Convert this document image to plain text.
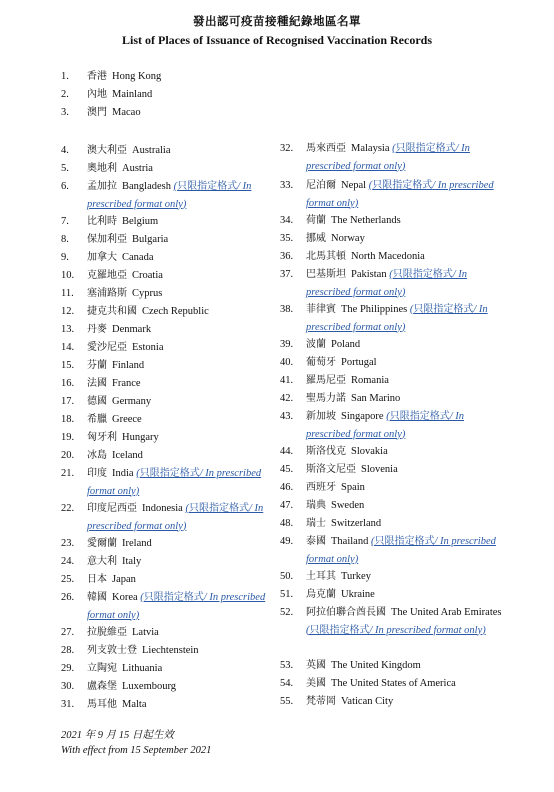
發出認可疫苗接種紀錄地區名單
List of Places of Issuance of Recognised Vaccination Records
1.	香港 Hong Kong
2.	內地 Mainland
3.	澳門 Macao
4.	澳大利亞 Australia
5.	奧地利 Austria
6.	孟加拉 Bangladesh (只限指定格式/ In prescribed format only)
7.	比利時 Belgium
8.	保加利亞 Bulgaria
9.	加拿大 Canada
10.	克羅地亞 Croatia
11.	塞浦路斯 Cyprus
12.	捷克共和國 Czech Republic
13.	丹麥 Denmark
14.	愛沙尼亞 Estonia
15.	芬蘭 Finland
16.	法國 France
17.	德國 Germany
18.	希臘 Greece
19.	匈牙利 Hungary
20.	冰島 Iceland
21.	印度 India (只限指定格式/ In prescribed format only)
22.	印度尼西亞 Indonesia (只限指定格式/ In prescribed format only)
23.	愛爾蘭 Ireland
24.	意大利 Italy
25.	日本 Japan
26.	韓國 Korea (只限指定格式/ In prescribed format only)
27.	拉脫維亞 Latvia
28.	列支敦士登 Liechtenstein
29.	立陶宛 Lithuania
30.	盧森堡 Luxembourg
31.	馬耳他 Malta
32.	馬來西亞 Malaysia (只限指定格式/ In prescribed format only)
33.	尼泊爾 Nepal (只限指定格式/ In prescribed format only)
34.	荷蘭 The Netherlands
35.	挪威 Norway
36.	北馬其頓 North Macedonia
37.	巴基斯坦 Pakistan (只限指定格式/ In prescribed format only)
38.	菲律賓 The Philippines (只限指定格式/ In prescribed format only)
39.	波蘭 Poland
40.	葡萄牙 Portugal
41.	羅馬尼亞 Romania
42.	聖馬力諾 San Marino
43.	新加坡 Singapore (只限指定格式/ In prescribed format only)
44.	斯洛伐克 Slovakia
45.	斯洛文尼亞 Slovenia
46.	西班牙 Spain
47.	瑞典 Sweden
48.	瑞士 Switzerland
49.	泰國 Thailand (只限指定格式/ In prescribed format only)
50.	土耳其 Turkey
51.	烏克蘭 Ukraine
52.	阿拉伯聯合酋長國 The United Arab Emirates (只限指定格式/ In prescribed format only)
53.	英國 The United Kingdom
54.	美國 The United States of America
55.	梵蒂岡 Vatican City
2021 年 9 月 15 日起生效
With effect from 15 September 2021
